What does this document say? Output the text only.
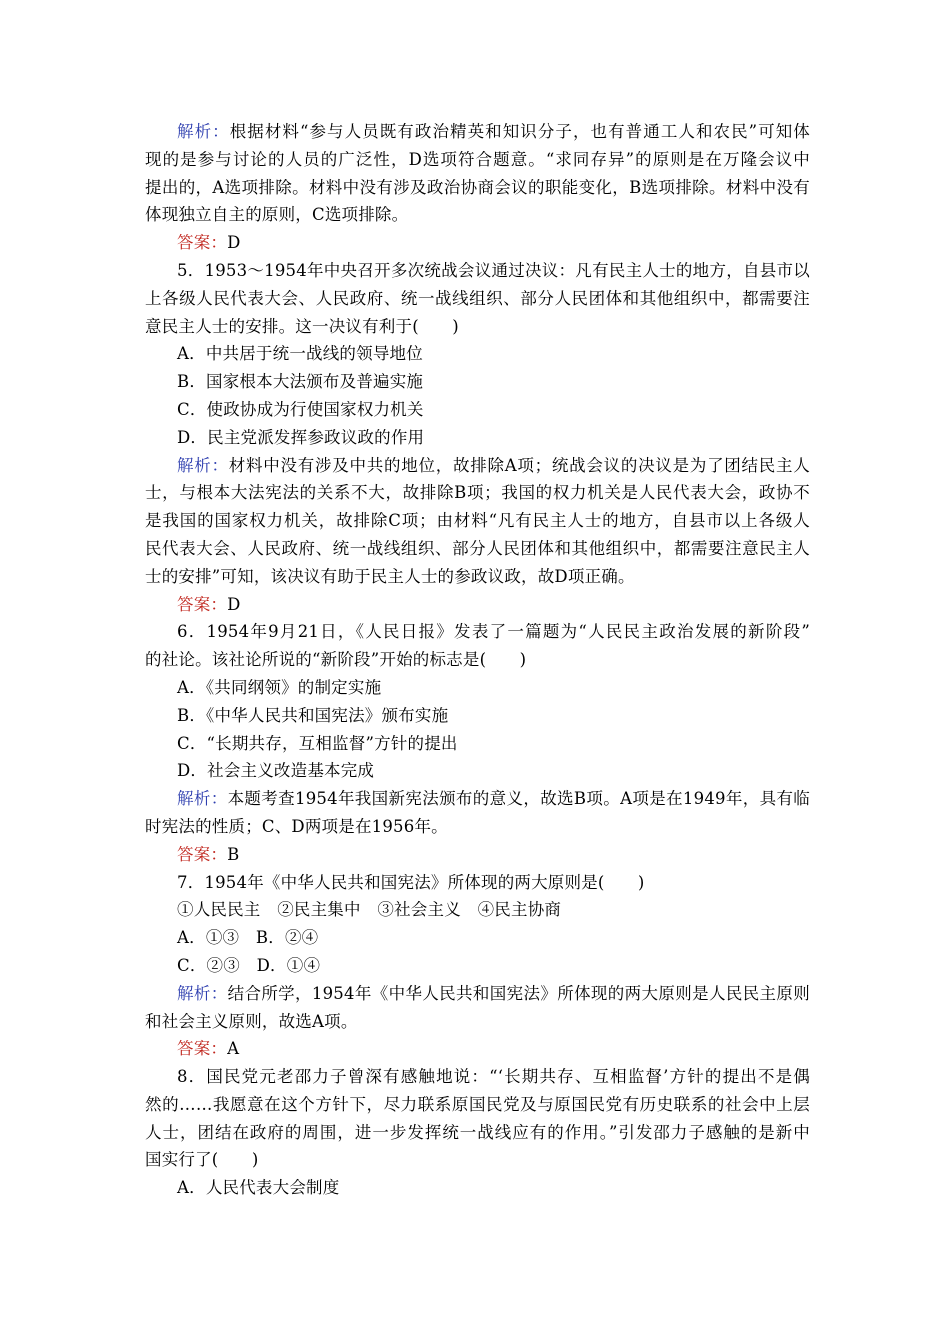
解析：根据材料“参与人员既有政治精英和知识分子，也有普通工人和农民”可知体
现的是参与讨论的人员的广泛性，D选项符合题意。“求同存异”的原则是在万隆会议中
提出的，A选项排除。材料中没有涉及政治协商会议的职能变化，B选项排除。材料中没有
体现独立自主的原则，C选项排除。
答案：D
5．1953～1954年中央召开多次统战会议通过决议：凡有民主人士的地方，自县市以
上各级人民代表大会、人民政府、统一战线组织、部分人民团体和其他组织中，都需要注
意民主人士的安排。这一决议有利于(　　)
A．中共居于统一战线的领导地位
B．国家根本大法颁布及普遍实施
C．使政协成为行使国家权力机关
D．民主党派发挥参政议政的作用
解析：材料中没有涉及中共的地位，故排除A项；统战会议的决议是为了团结民主人
士，与根本大法宪法的关系不大，故排除B项；我国的权力机关是人民代表大会，政协不
是我国的国家权力机关，故排除C项；由材料“凡有民主人士的地方，自县市以上各级人
民代表大会、人民政府、统一战线组织、部分人民团体和其他组织中，都需要注意民主人
士的安排”可知，该决议有助于民主人士的参政议政，故D项正确。
答案：D
6．1954年9月21日，《人民日报》发表了一篇题为“人民民主政治发展的新阶段”
的社论。该社论所说的“新阶段”开始的标志是(　　)
A．《共同纲领》的制定实施
B．《中华人民共和国宪法》颁布实施
C．“长期共存，互相监督”方针的提出
D．社会主义改造基本完成
解析：本题考查1954年我国新宪法颁布的意义，故选B项。A项是在1949年，具有临
时宪法的性质；C、D两项是在1956年。
答案：B
7．1954年《中华人民共和国宪法》所体现的两大原则是(　　)
①人民民主　②民主集中　③社会主义　④民主协商
A．①③　B．②④
C．②③　D．①④
解析：结合所学，1954年《中华人民共和国宪法》所体现的两大原则是人民民主原则
和社会主义原则，故选A项。
答案：A
8．国民党元老邵力子曾深有感触地说：“‘长期共存、互相监督’方针的提出不是偶
然的……我愿意在这个方针下，尽力联系原国民党及与原国民党有历史联系的社会中上层
人士，团结在政府的周围，进一步发挥统一战线应有的作用。”引发邵力子感触的是新中
国实行了(　　)
A．人民代表大会制度
